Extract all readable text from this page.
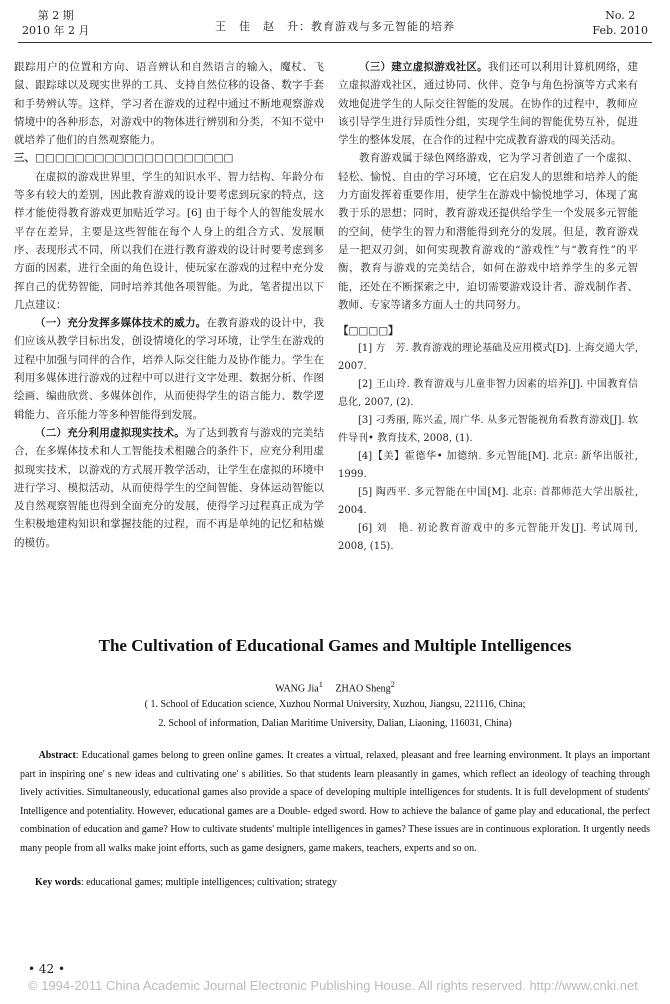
第 2 期
2010 年 2 月	王　佳　赵　升：教育游戏与多元智能的培养
No. 2
Feb. 2010

跟踪用户的位置和方向、语音辨认和自然语言的输入，魔杖、飞鼠、跟踪球以及现实世界的工具、支持自然位移的设备、数字手套和手势辨认等。这样，学习者在游戏的过程中通过不断地观察游戏情境中的各种形态，对游戏中的物体进行辨别和分类，不知不觉中就培养了他们的自然观察能力。

三、□□□□□□□□□□□□□□□□□□□□

在虚拟的游戏世界里，学生的知识水平、智力结构、年龄分布等多有较大的差别，因此教育游戏的设计要考虑到玩家的特点，这样才能使得教育游戏更加贴近学习。[6] 由于每个人的智能发展水平存在差异，主要是这些智能在每个人身上的组合方式、发展顺序、表现形式不同，所以我们在进行教育游戏的设计时要考虑到多方面的因素，进行全面的角色设计，使玩家在游戏的过程中充分发挥自己的优势智能，同时培养其他各项智能。为此，笔者提出以下几点建议：

（一）充分发挥多媒体技术的威力。在教育游戏的设计中，我们应该从教学目标出发，创设情境化的学习环境，让学生在游戏的过程中加强与同伴的合作，培养人际交往能力及协作能力。学生在利用多媒体进行游戏的过程中可以进行文字处理、数据分析、作图绘画、编曲欣赏、多媒体创作，从而使得学生的语言能力、数学逻辑能力、音乐能力等多种智能得到发展。

（二）充分利用虚拟现实技术。为了达到教育与游戏的完美结合，在多媒体技术和人工智能技术相融合的条件下，应充分利用虚拟现实技术，以游戏的方式展开教学活动，让学生在虚拟的环境中进行学习、模拟活动，从而使得学生的空间智能、身体运动智能以及自然观察智能也得到全面充分的发展，使得学习过程真正成为学生积极地建构知识和掌握技能的过程，而不再是单纯的记忆和枯燥的模仿。

（三）建立虚拟游戏社区。我们还可以利用计算机网络，建立虚拟游戏社区，通过协同、伙伴、竞争与角色扮演等方式来有效地促进学生的人际交往智能的发展。在协作的过程中，教师应该引导学生进行异质性分组，实现学生间的智能优势互补，促进学生的整体发展，在合作的过程中完成教育游戏的闯关活动。

教育游戏属于绿色网络游戏，它为学习者创造了一个虚拟、轻松、愉悦、自由的学习环境，它在启发人的思维和培养人的能力方面发挥着重要作用，使学生在游戏中愉悦地学习，体现了寓教于乐的思想；同时，教育游戏还提供给学生一个发展多元智能的空间，使学生的智力和潜能得到充分的发展。但是，教育游戏是一把双刃剑，如何实现教育游戏的“游戏性”与“教育性”的平衡，教育与游戏的完美结合，如何在游戏中培养学生的多元智能，还处在不断探索之中，迫切需要游戏设计者、游戏制作者、教师、专家等诸多方面人士的共同努力。

【□□□□】

[1] 方　芳. 教育游戏的理论基础及应用模式[D]. 上海交通大学, 2007.

[2] 王山玲. 教育游戏与儿童非智力因素的培养[J]. 中国教育信息化, 2007, (2).

[3] 刁秀丽, 陈兴孟, 周广华. 从多元智能视角看教育游戏[J]. 软件导刊• 教育技术, 2008, (1).

[4]【美】霍德华• 加德纳. 多元智能[M]. 北京: 新华出版社, 1999.

[5] 陶西平. 多元智能在中国[M]. 北京: 首都师范大学出版社, 2004.

[6] 刘　艳. 初论教育游戏中的多元智能开发[J]. 考试周刊, 2008, (15).

The Cultivation of Educational Games and Multiple Intelligences
WANG Jia$^1$ ZHAO Sheng$^2$
( 1. School of Education science, Xuzhou Normal University, Xuzhou, Jiangsu, 221116, China;
2. School of information, Dalian Maritime University, Dalian, Liaoning, 116031, China)
Abstract: Educational games belong to green online games. It creates a virtual, relaxed, pleasant and free learning environment. It plays an important part in inspiring one' s new ideas and cultivating one' s abilities. So that students learn pleasantly in games, which reflect an ideology of teaching through lively activities. Simultaneously, educational games also provide a space of developing multiple intelligences for students. It is full development of students' Intelligence and potentiality. However, educational games are a Double- edged sword. How to achieve the balance of game play and educational, the perfect combination of education and game? How to cultivate students' multiple intelligences in games? These issues are in continuous exploration. It urgently needs many people from all walks make joint efforts, such as game designers, game makers, teachers, experts and so on.
Key words: educational games; multiple intelligences; cultivation; strategy
• 42 •
© 1994-2011 China Academic Journal Electronic Publishing House. All rights reserved. http://www.cnki.net
